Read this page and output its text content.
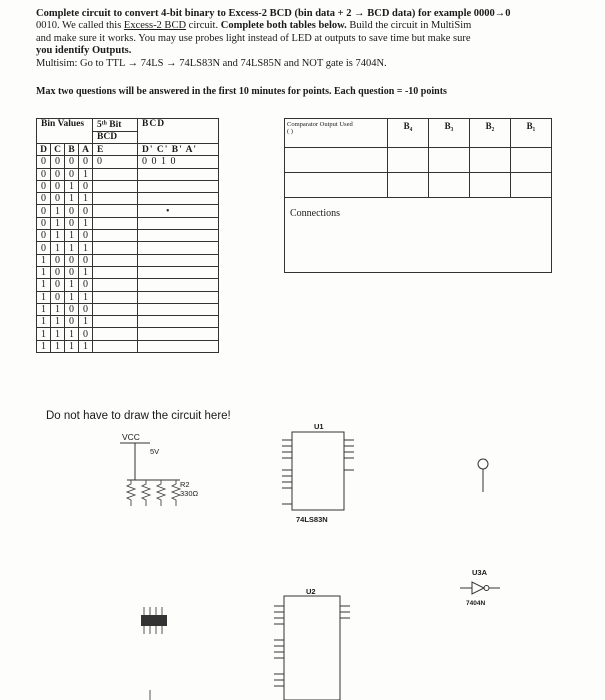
Complete circuit to convert 4-bit binary to Excess-2 BCD (bin data + 2 → BCD data) for example 0000→0
0010. We called this Excess-2 BCD circuit. Complete both tables below. Build the circuit in MultiSim
and make sure it works. You may use probes light instead of LED at outputs to save time but make sure
you identify Outputs.
Multisim: Go to TTL → 74LS → 74LS83N and 74LS85N and NOT gate is 7404N.
Max two questions will be answered in the first 10 minutes for points. Each question = -10 points
Bin Values				5ᵗʰ Bit	BCD
				BCD	
D	C	B	A	E	D' C' B' A'
0	0	0	0	0	0 0 1 0
0	0	0	1		
0	0	1	0		
0	0	1	1		
0	1	0	0		
0	1	0	1		
0	1	1	0		
0	1	1	1		
1	0	0	0		
1	0	0	1		
1	0	1	0		
1	0	1	1		
1	1	0	0		
1	1	0	1		
1	1	1	0		
1	1	1	1		
Comparator Output Used
( )	B₄	B₃	B₂	B₁

Connections
Do not have to draw the circuit here!
VCC
5V
R2
330Ω
U1
74LS83N
U2
U3A
7404N
•
